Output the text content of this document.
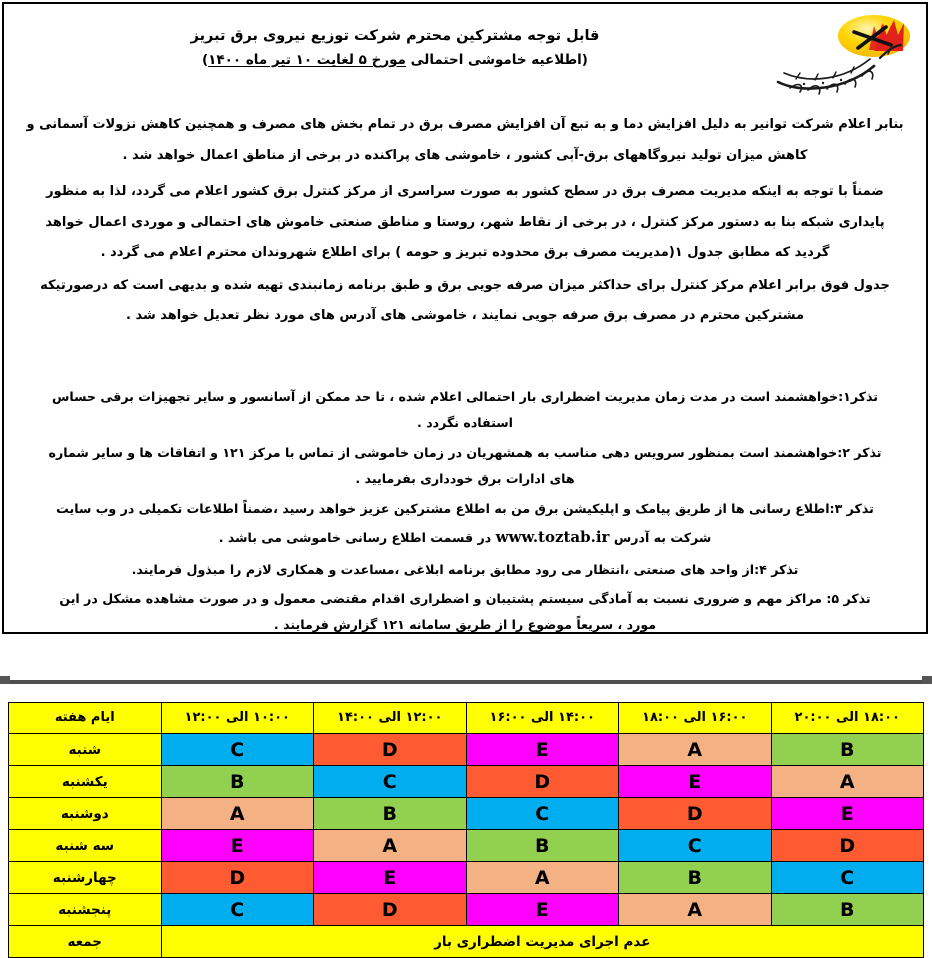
قابل توجه مشترکین محترم شرکت توزیع نیروی برق تبریز
(اطلاعیه خاموشی احتمالی مورخ ۵ لغایت ۱۰ تیر ماه ۱۴۰۰)

بنابر اعلام شرکت توانیر به دلیل افزایش دما و به تبع آن افزایش مصرف برق در تمام بخش های مصرف و همچنین کاهش نزولات آسمانی و کاهش میزان تولید نیروگاههای برق-آبی کشور ، خاموشی های پراکنده در برخی از مناطق اعمال خواهد شد .

ضمناً با توجه به اینکه مدیریت مصرف برق در سطح کشور به صورت سراسری از مرکز کنترل برق کشور اعلام می گردد، لذا به منظور پایداری شبکه بنا به دستور مرکز کنترل ، در برخی از نقاط شهر، روستا و مناطق صنعتی خاموش های احتمالی و موردی اعمال خواهد گردید که مطابق جدول ۱(مدیریت مصرف برق محدوده تبریز و حومه ) برای اطلاع شهروندان محترم اعلام می گردد .

جدول فوق برابر اعلام مرکز کنترل برای حداکثر میزان صرفه جویی برق و طبق برنامه زمانبندی تهیه شده و بدیهی است که درصورتیکه مشترکین محترم در مصرف برق صرفه جویی نمایند ، خاموشی های آدرس های مورد نظر تعدیل خواهد شد .

تذکر۱:خواهشمند است در مدت زمان مدیریت اضطراری بار احتمالی اعلام شده ، تا حد ممکن از آسانسور و سایر تجهیزات برقی حساس استفاده نگردد .

تذکر ۲:خواهشمند است بمنظور سرویس دهی مناسب به همشهریان در زمان خاموشی از تماس با مرکز ۱۲۱ و اتفاقات ها و سایر شماره های ادارات برق خودداری بفرمایید .

تذکر ۳:اطلاع رسانی ها از طریق پیامک و اپلیکیشن برق من به اطلاع مشترکین عزیز خواهد رسید ،ضمناً اطلاعات تکمیلی در وب سایت شرکت به آدرس www.toztab.ir در قسمت اطلاع رسانی خاموشی می باشد .

تذکر ۴:از واحد های صنعتی ،انتظار می رود مطابق برنامه ابلاغی ،مساعدت و همکاری لازم را مبذول فرمایند.

تذکر ۵: مراکز مهم و ضروری نسبت به آمادگی سیستم پشتیبان و اضطراری اقدام مقتضی معمول و در صورت مشاهده مشکل در این مورد ، سریعاً موضوع را از طریق سامانه ۱۲۱ گزارش فرمایند .

۱۸:۰۰ الی ۲۰:۰۰	۱۶:۰۰ الی ۱۸:۰۰	۱۴:۰۰ الی ۱۶:۰۰	۱۲:۰۰ الی ۱۴:۰۰	۱۰:۰۰ الی ۱۲:۰۰	ایام هفته
B	A	E	D	C	شنبه
A	E	D	C	B	یکشنبه
E	D	C	B	A	دوشنبه
D	C	B	A	E	سه شنبه
C	B	A	E	D	چهارشنبه
B	A	E	D	C	پنجشنبه
عدم اجرای مدیریت اضطراری بار					جمعه
